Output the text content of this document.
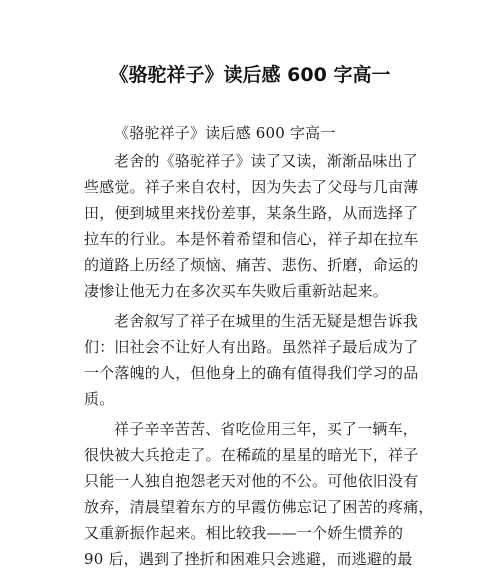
《骆驼祥子》读后感 600 字高一
《骆驼祥子》读后感 600 字高一
老舍的《骆驼祥子》读了又读，渐渐品味出了
些感觉。祥子来自农村，因为失去了父母与几亩薄
田，便到城里来找份差事，某条生路，从而选择了
拉车的行业。本是怀着希望和信心，祥子却在拉车
的道路上历经了烦恼、痛苦、悲伤、折磨，命运的
凄惨让他无力在多次买车失败后重新站起来。
老舍叙写了祥子在城里的生活无疑是想告诉我
们：旧社会不让好人有出路。虽然祥子最后成为了
一个落魄的人，但他身上的确有值得我们学习的品
质。
祥子辛辛苦苦、省吃俭用三年，买了一辆车，
很快被大兵抢走了。在稀疏的星星的暗光下，祥子
只能一人独自抱怨老天对他的不公。可他依旧没有
放弃，清晨望着东方的早霞仿佛忘记了困苦的疼痛，
又重新振作起来。相比较我——一个娇生惯养的
90 后，遇到了挫折和困难只会逃避，而逃避的最
